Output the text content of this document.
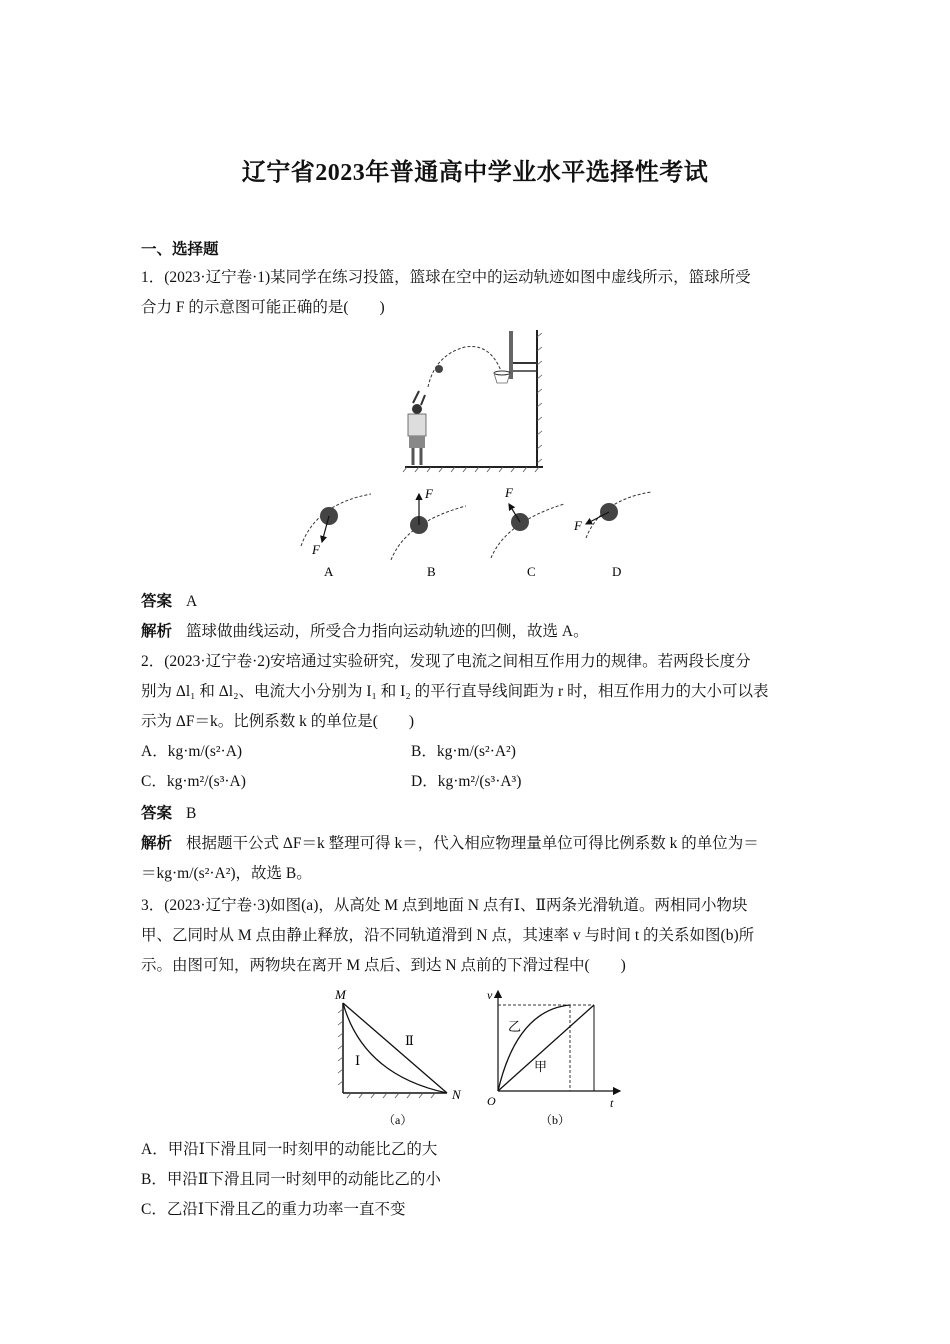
辽宁省2023年普通高中学业水平选择性考试
一、选择题
1．(2023·辽宁卷·1)某同学在练习投篮，篮球在空中的运动轨迹如图中虚线所示，篮球所受
合力 F 的示意图可能正确的是(　　)
F
A
F
B
F
C
F
D
答案 A
解析 篮球做曲线运动，所受合力指向运动轨迹的凹侧，故选 A。
2．(2023·辽宁卷·2)安培通过实验研究，发现了电流之间相互作用力的规律。若两段长度分
别为 Δl₁ 和 Δl₂、电流大小分别为 I₁ 和 I₂ 的平行直导线间距为 r 时，相互作用力的大小可以表
示为 ΔF＝k。比例系数 k 的单位是(　　)
A．kg·m/(s²·A)	B．kg·m/(s²·A²)
C．kg·m²/(s³·A)	D．kg·m²/(s³·A³)
答案 B
解析 根据题干公式 ΔF＝k 整理可得 k＝，代入相应物理量单位可得比例系数 k 的单位为＝
＝kg·m/(s²·A²)，故选 B。
3．(2023·辽宁卷·3)如图(a)，从高处 M 点到地面 N 点有Ⅰ、Ⅱ两条光滑轨道。两相同小物块
甲、乙同时从 M 点由静止释放，沿不同轨道滑到 N 点，其速率 v 与时间 t 的关系如图(b)所
示。由图可知，两物块在离开 M 点后、到达 N 点前的下滑过程中(　　)
M
Ⅰ
Ⅱ
N
（a）
v
t
O
乙
甲
（b）
A．甲沿Ⅰ下滑且同一时刻甲的动能比乙的大
B．甲沿Ⅱ下滑且同一时刻甲的动能比乙的小
C．乙沿Ⅰ下滑且乙的重力功率一直不变
